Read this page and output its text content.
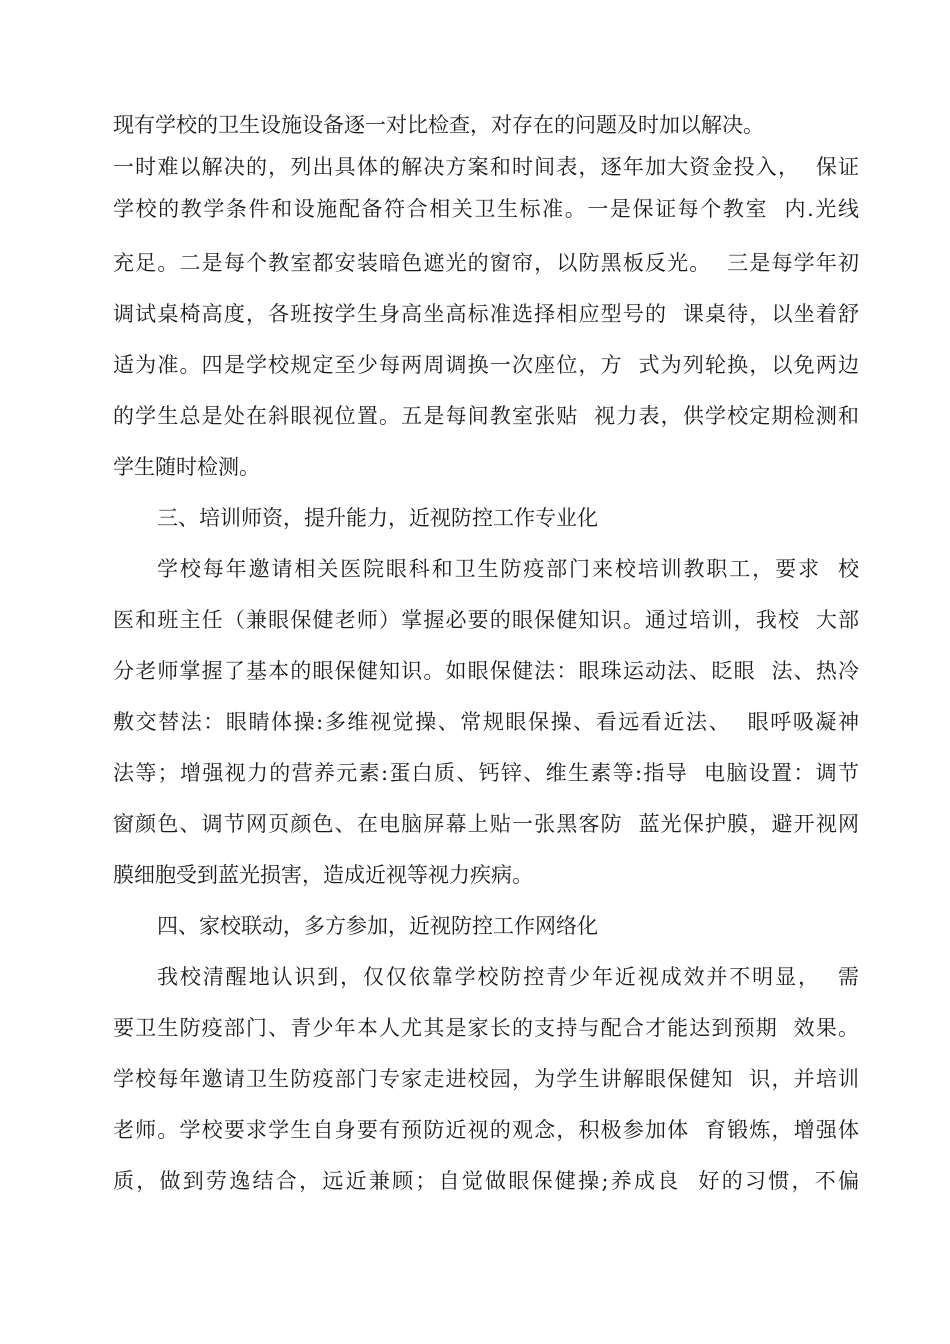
现有学校的卫生设施设备逐一对比检查，对存在的问题及时加以解决。
一时难以解决的，列出具体的解决方案和时间表，逐年加大资金投入，  保证
学校的教学条件和设施配备符合相关卫生标准。一是保证每个教室  内.光线
充足。二是每个教室都安装暗色遮光的窗帘，以防黑板反光。  三是每学年初
调试桌椅高度，各班按学生身高坐高标准选择相应型号的  课桌待，以坐着舒
适为准。四是学校规定至少每两周调换一次座位，方  式为列轮换，以免两边
的学生总是处在斜眼视位置。五是每间教室张贴  视力表，供学校定期检测和
学生随时检测。
三、培训师资，提升能力，近视防控工作专业化
学校每年邀请相关医院眼科和卫生防疫部门来校培训教职工，要求  校
医和班主任（兼眼保健老师）掌握必要的眼保健知识。通过培训，我校  大部
分老师掌握了基本的眼保健知识。如眼保健法：眼珠运动法、眨眼  法、热冷
敷交替法：眼睛体操:多维视觉操、常规眼保操、看远看近法、  眼呼吸凝神
法等；增强视力的营养元素:蛋白质、钙锌、维生素等:指导  电脑设置：调节
窗颜色、调节网页颜色、在电脑屏幕上贴一张黑客防  蓝光保护膜，避开视网
膜细胞受到蓝光损害，造成近视等视力疾病。
四、家校联动，多方参加，近视防控工作网络化
我校清醒地认识到，仅仅依靠学校防控青少年近视成效并不明显，  需
要卫生防疫部门、青少年本人尤其是家长的支持与配合才能达到预期  效果。
学校每年邀请卫生防疫部门专家走进校园，为学生讲解眼保健知  识，并培训
老师。学校要求学生自身要有预防近视的观念，积极参加体  育锻炼，增强体
质，做到劳逸结合，远近兼顾；自觉做眼保健操;养成良  好的习惯，不偏
